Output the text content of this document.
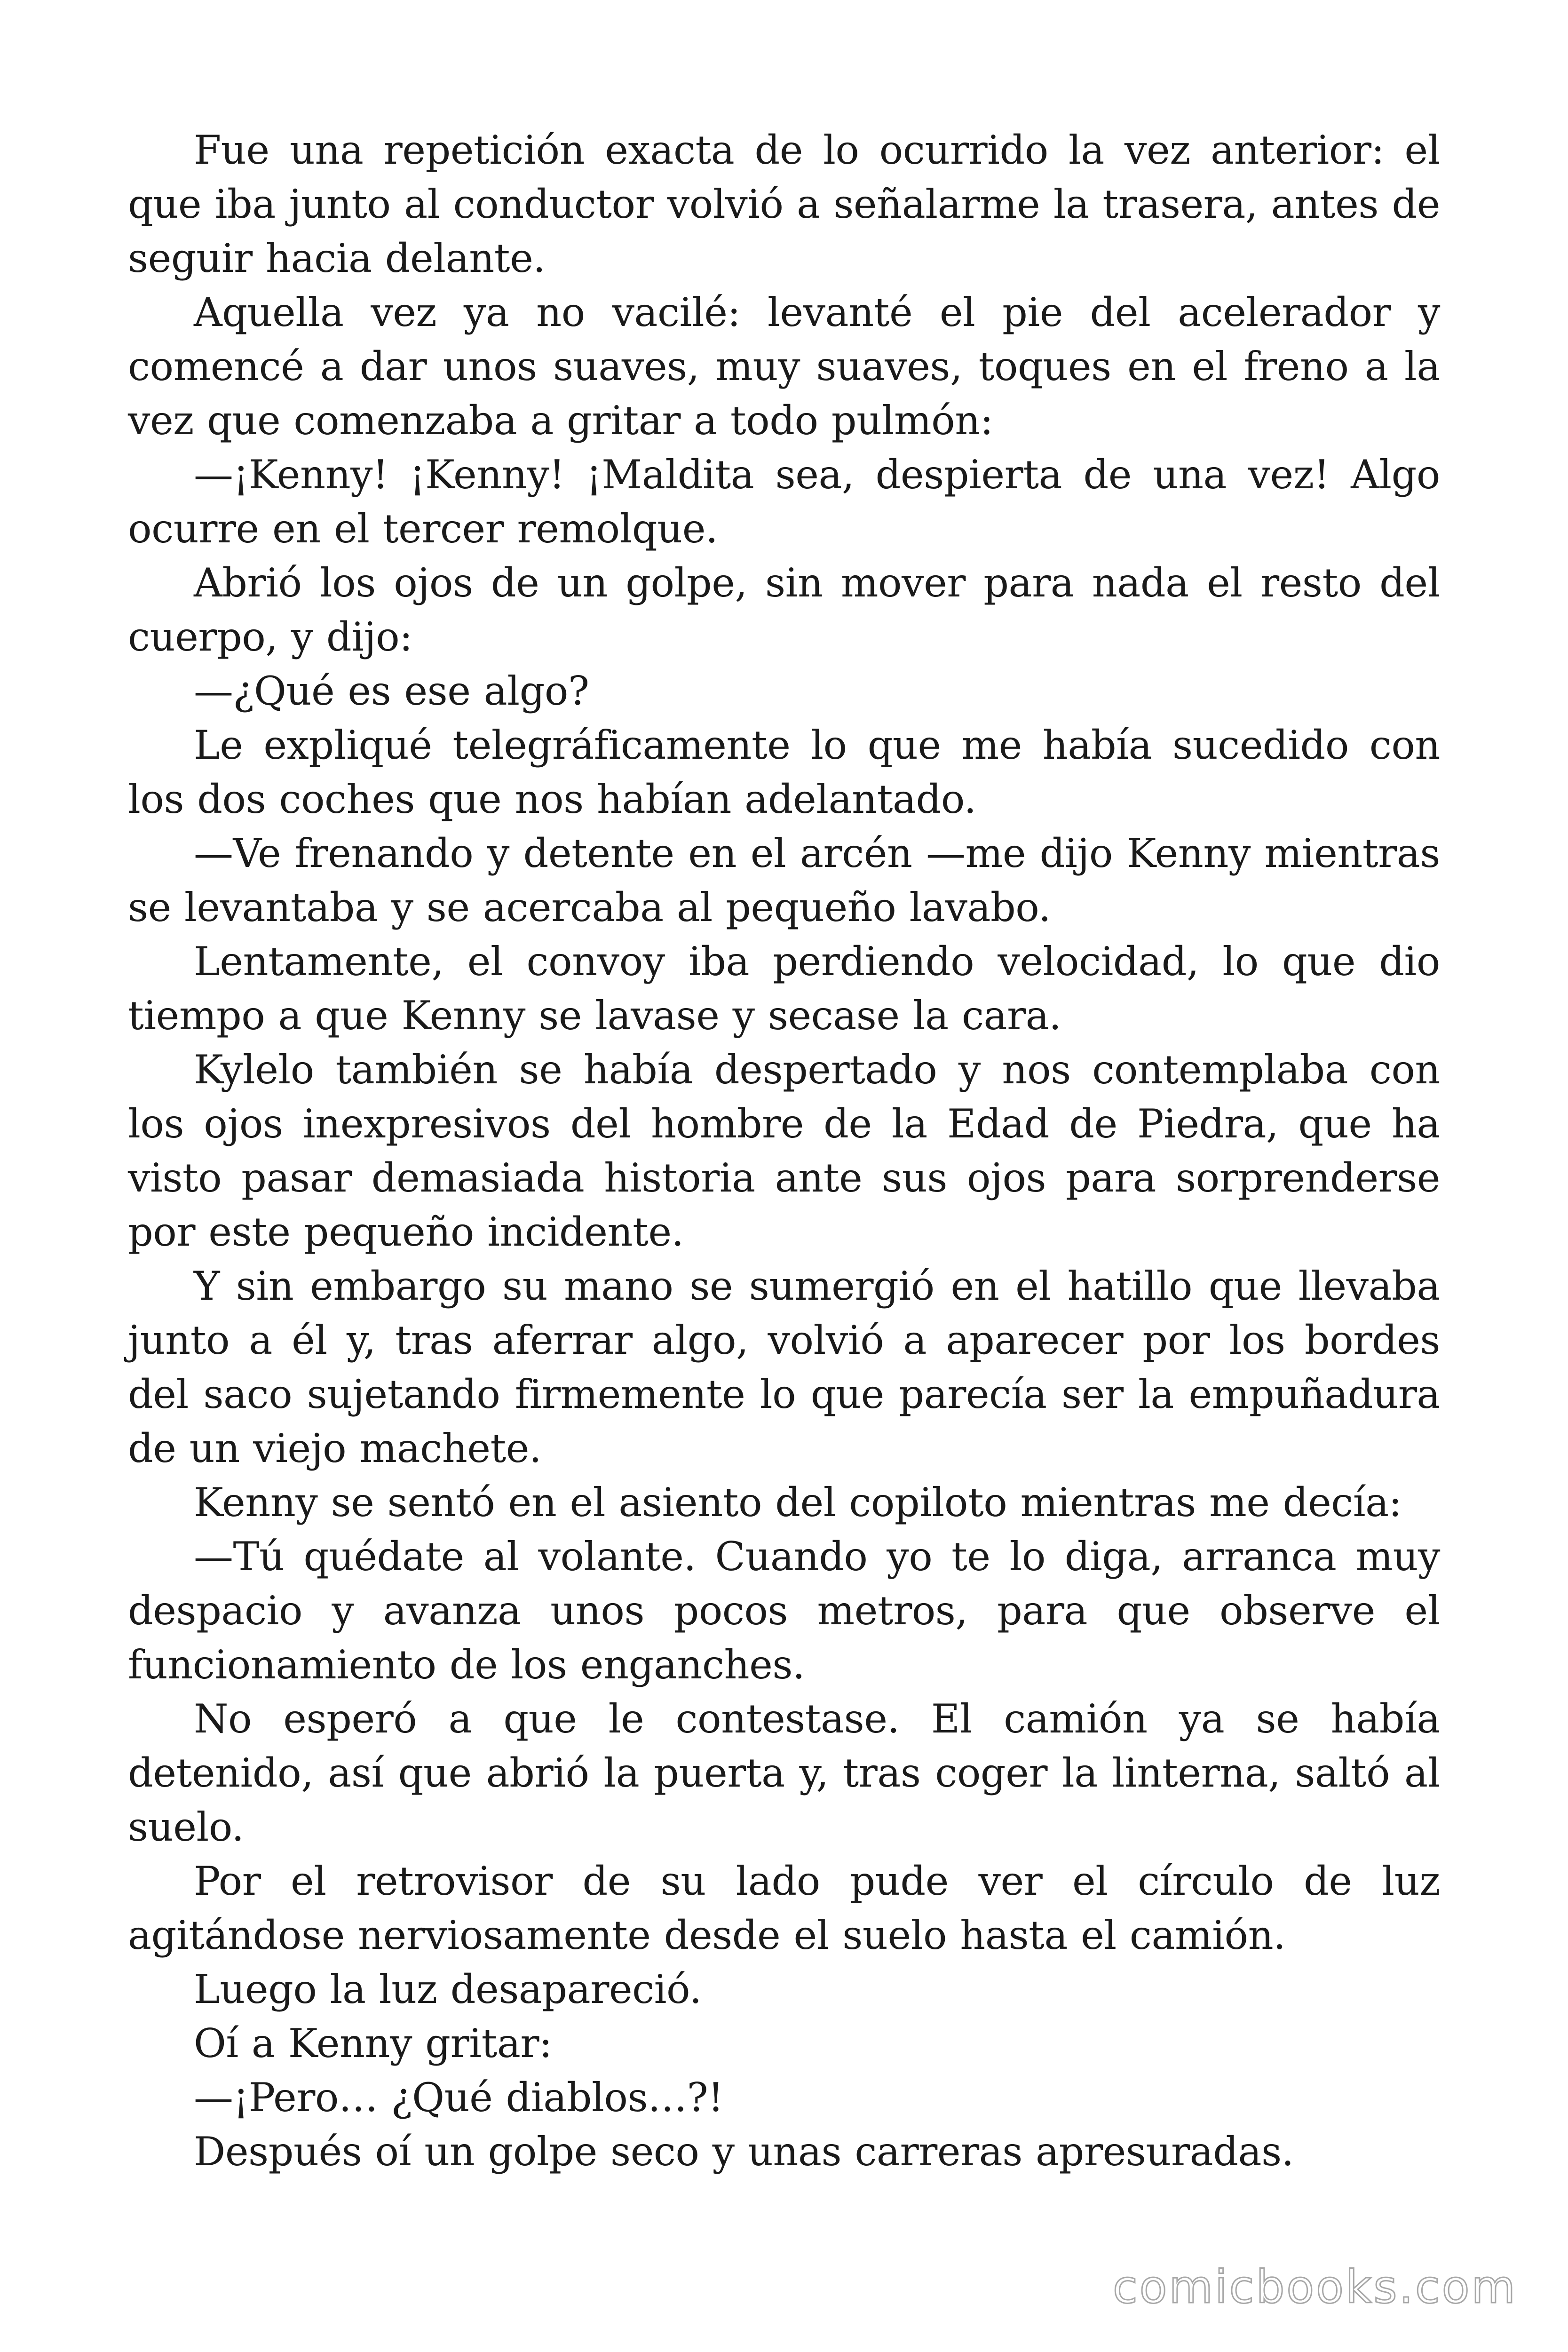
Fue una repetición exacta de lo ocurrido la vez anterior: el que iba junto al conductor volvió a señalarme la trasera, antes de seguir hacia delante.

Aquella vez ya no vacilé: levanté el pie del acelerador y comencé a dar unos suaves, muy suaves, toques en el freno a la vez que comenzaba a gritar a todo pulmón:

—¡Kenny! ¡Kenny! ¡Maldita sea, despierta de una vez! Algo ocurre en el tercer remolque.

Abrió los ojos de un golpe, sin mover para nada el resto del cuerpo, y dijo:

—¿Qué es ese algo?

Le expliqué telegráficamente lo que me había sucedido con los dos coches que nos habían adelantado.

—Ve frenando y detente en el arcén —me dijo Kenny mientras se levantaba y se acercaba al pequeño lavabo.

Lentamente, el convoy iba perdiendo velocidad, lo que dio tiempo a que Kenny se lavase y secase la cara.

Kylelo también se había despertado y nos contemplaba con los ojos inexpresivos del hombre de la Edad de Piedra, que ha visto pasar demasiada historia ante sus ojos para sorprenderse por este pequeño incidente.

Y sin embargo su mano se sumergió en el hatillo que llevaba junto a él y, tras aferrar algo, volvió a aparecer por los bordes del saco sujetando firmemente lo que parecía ser la empuñadura de un viejo machete.

Kenny se sentó en el asiento del copiloto mientras me decía:

—Tú quédate al volante. Cuando yo te lo diga, arranca muy despacio y avanza unos pocos metros, para que observe el funcionamiento de los enganches.

No esperó a que le contestase. El camión ya se había detenido, así que abrió la puerta y, tras coger la linterna, saltó al suelo.

Por el retrovisor de su lado pude ver el círculo de luz agitándose nerviosamente desde el suelo hasta el camión.

Luego la luz desapareció.

Oí a Kenny gritar:

—¡Pero… ¿Qué diablos…?!

Después oí un golpe seco y unas carreras apresuradas.

comicbooks.com
